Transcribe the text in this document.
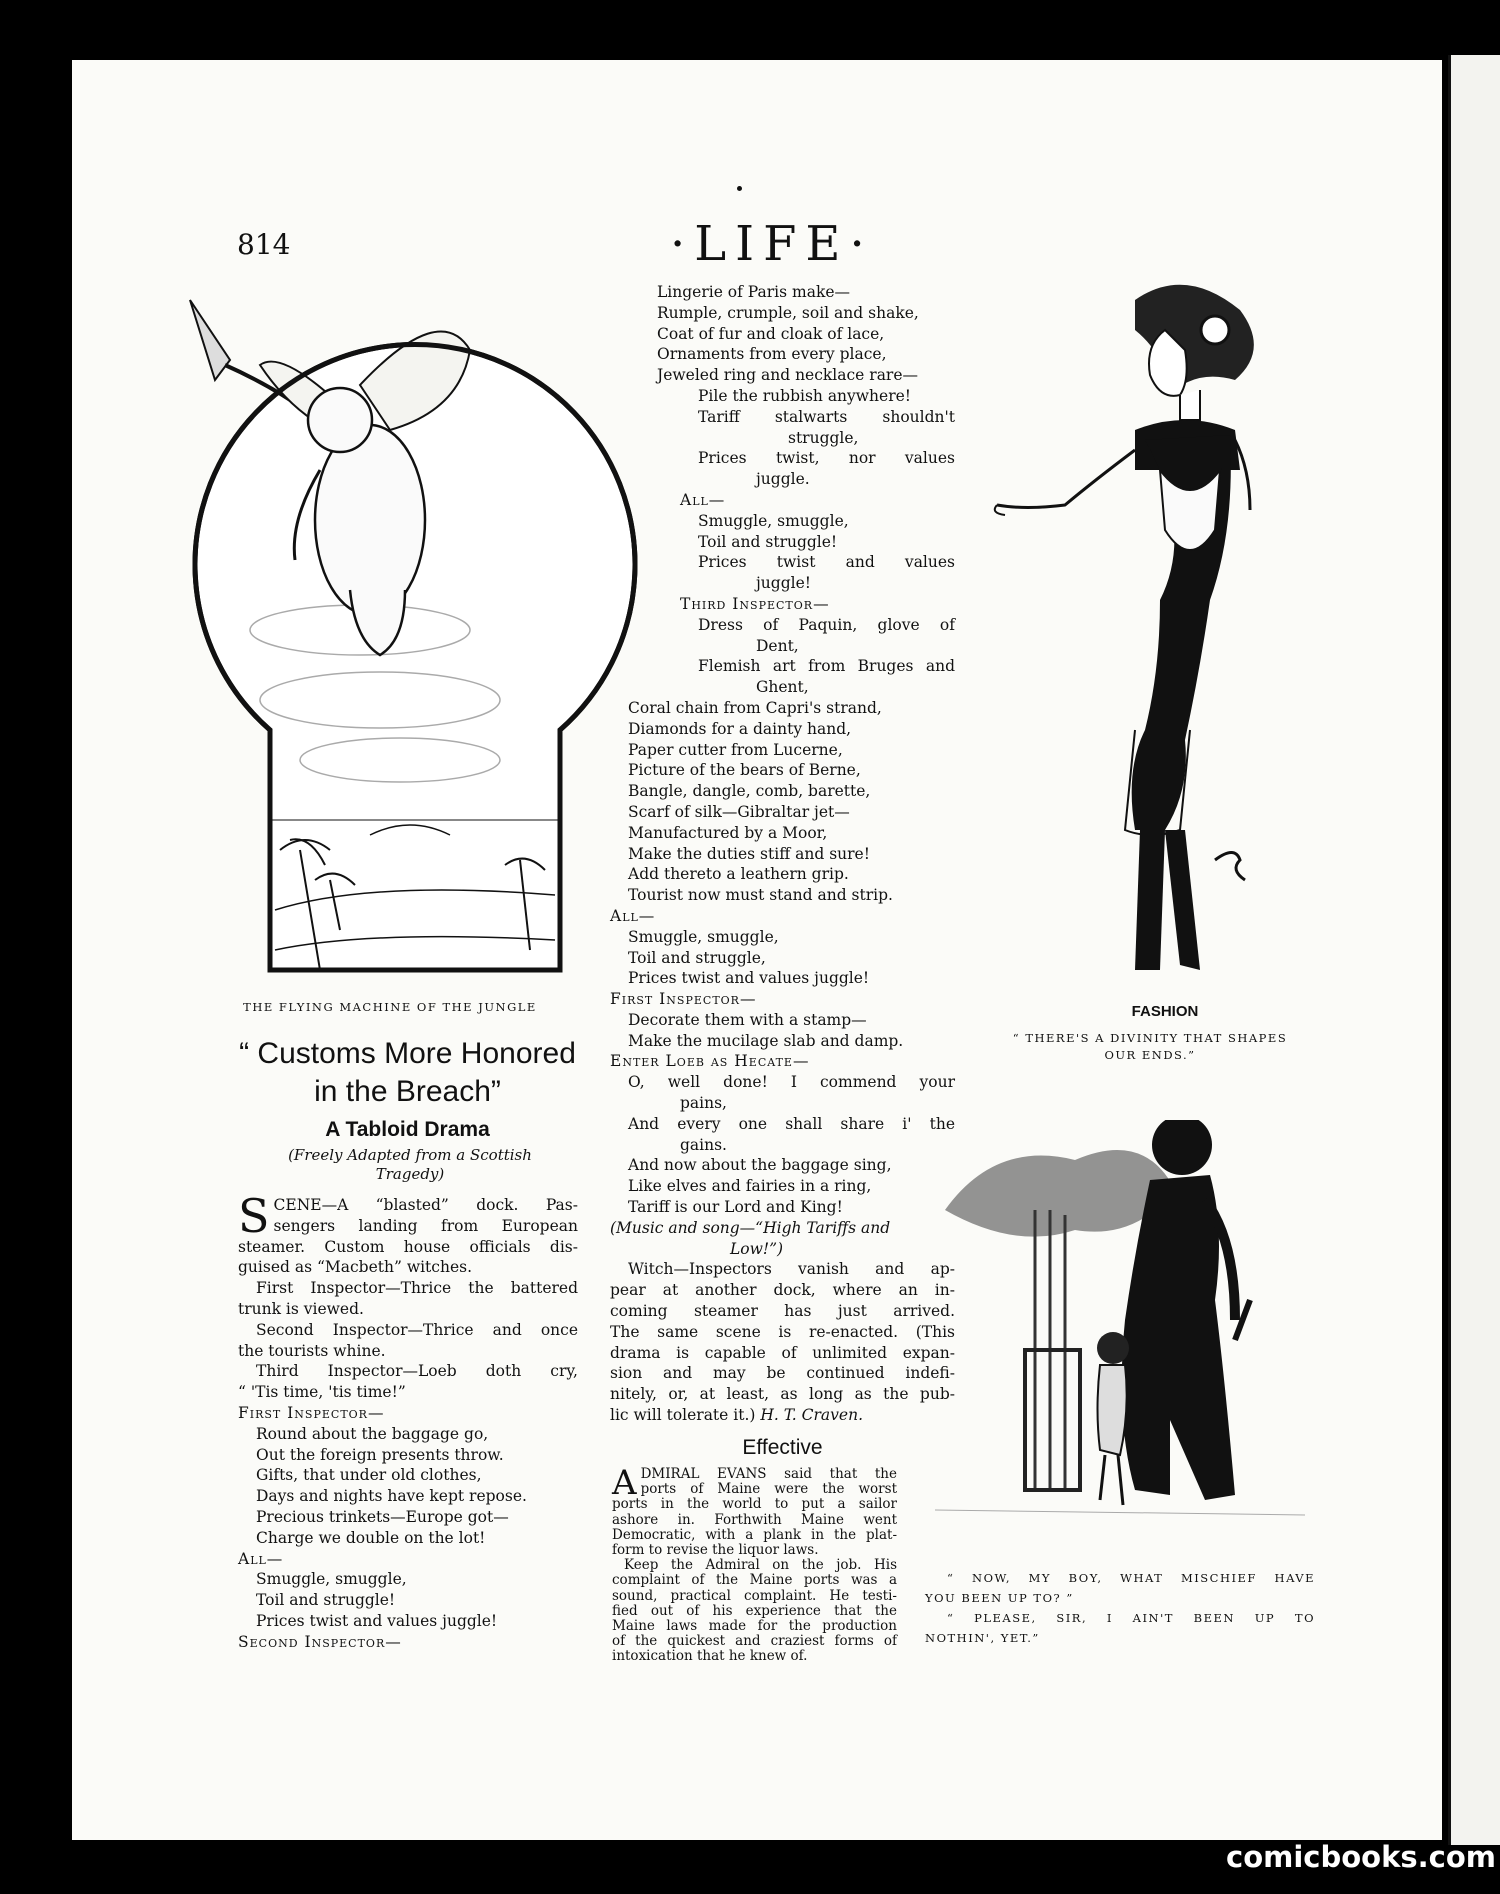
814	·LIFE·
THE FLYING MACHINE OF THE JUNGLE
“ Customs More Honored
in the Breach”
A Tabloid Drama
(Freely Adapted from a Scottish
Tragedy)
S CENE—A “blasted” dock. Pas-
sengers landing from European
steamer. Custom house officials dis-
guised as “Macbeth” witches.
First Inspector—Thrice the battered
trunk is viewed.
Second Inspector—Thrice and once
the tourists whine.
Third Inspector—Loeb doth cry,
“ 'Tis time, 'tis time!”
First Inspector—
Round about the baggage go,
Out the foreign presents throw.
Gifts, that under old clothes,
Days and nights have kept repose.
Precious trinkets—Europe got—
Charge we double on the lot!
All—
Smuggle, smuggle,
Toil and struggle!
Prices twist and values juggle!
Second Inspector—
Lingerie of Paris make—
Rumple, crumple, soil and shake,
Coat of fur and cloak of lace,
Ornaments from every place,
Jeweled ring and necklace rare—
Pile the rubbish anywhere!
Tariff stalwarts shouldn't
struggle,
Prices twist, nor values
juggle.
All—
Smuggle, smuggle,
Toil and struggle!
Prices twist and values
juggle!
Third Inspector—
Dress of Paquin, glove of
Dent,
Flemish art from Bruges and
Ghent,
Coral chain from Capri's strand,
Diamonds for a dainty hand,
Paper cutter from Lucerne,
Picture of the bears of Berne,
Bangle, dangle, comb, barette,
Scarf of silk—Gibraltar jet—
Manufactured by a Moor,
Make the duties stiff and sure!
Add thereto a leathern grip.
Tourist now must stand and strip.
All—
Smuggle, smuggle,
Toil and struggle,
Prices twist and values juggle!
First Inspector—
Decorate them with a stamp—
Make the mucilage slab and damp.
Enter Loeb as Hecate—
O, well done! I commend your
pains,
And every one shall share i' the
gains.
And now about the baggage sing,
Like elves and fairies in a ring,
Tariff is our Lord and King!
(Music and song—“High Tariffs and
Low!”)
Witch—Inspectors vanish and ap-
pear at another dock, where an in-
coming steamer has just arrived.
The same scene is re-enacted. (This
drama is capable of unlimited expan-
sion and may be continued indefi-
nitely, or, at least, as long as the pub-
lic will tolerate it.) H. T. Craven.
Effective
A DMIRAL EVANS said that the
ports of Maine were the worst
ports in the world to put a sailor
ashore in. Forthwith Maine went
Democratic, with a plank in the plat-
form to revise the liquor laws.
Keep the Admiral on the job. His
complaint of the Maine ports was a
sound, practical complaint. He testi-
fied out of his experience that the
Maine laws made for the production
of the quickest and craziest forms of
intoxication that he knew of.
FASHION
“ THERE'S A DIVINITY THAT SHAPES
OUR ENDS.”
“ NOW, MY BOY, WHAT MISCHIEF HAVE
YOU BEEN UP TO? ”
“ PLEASE, SIR, I AIN'T BEEN UP TO
NOTHIN', YET.”
comicbooks.com
